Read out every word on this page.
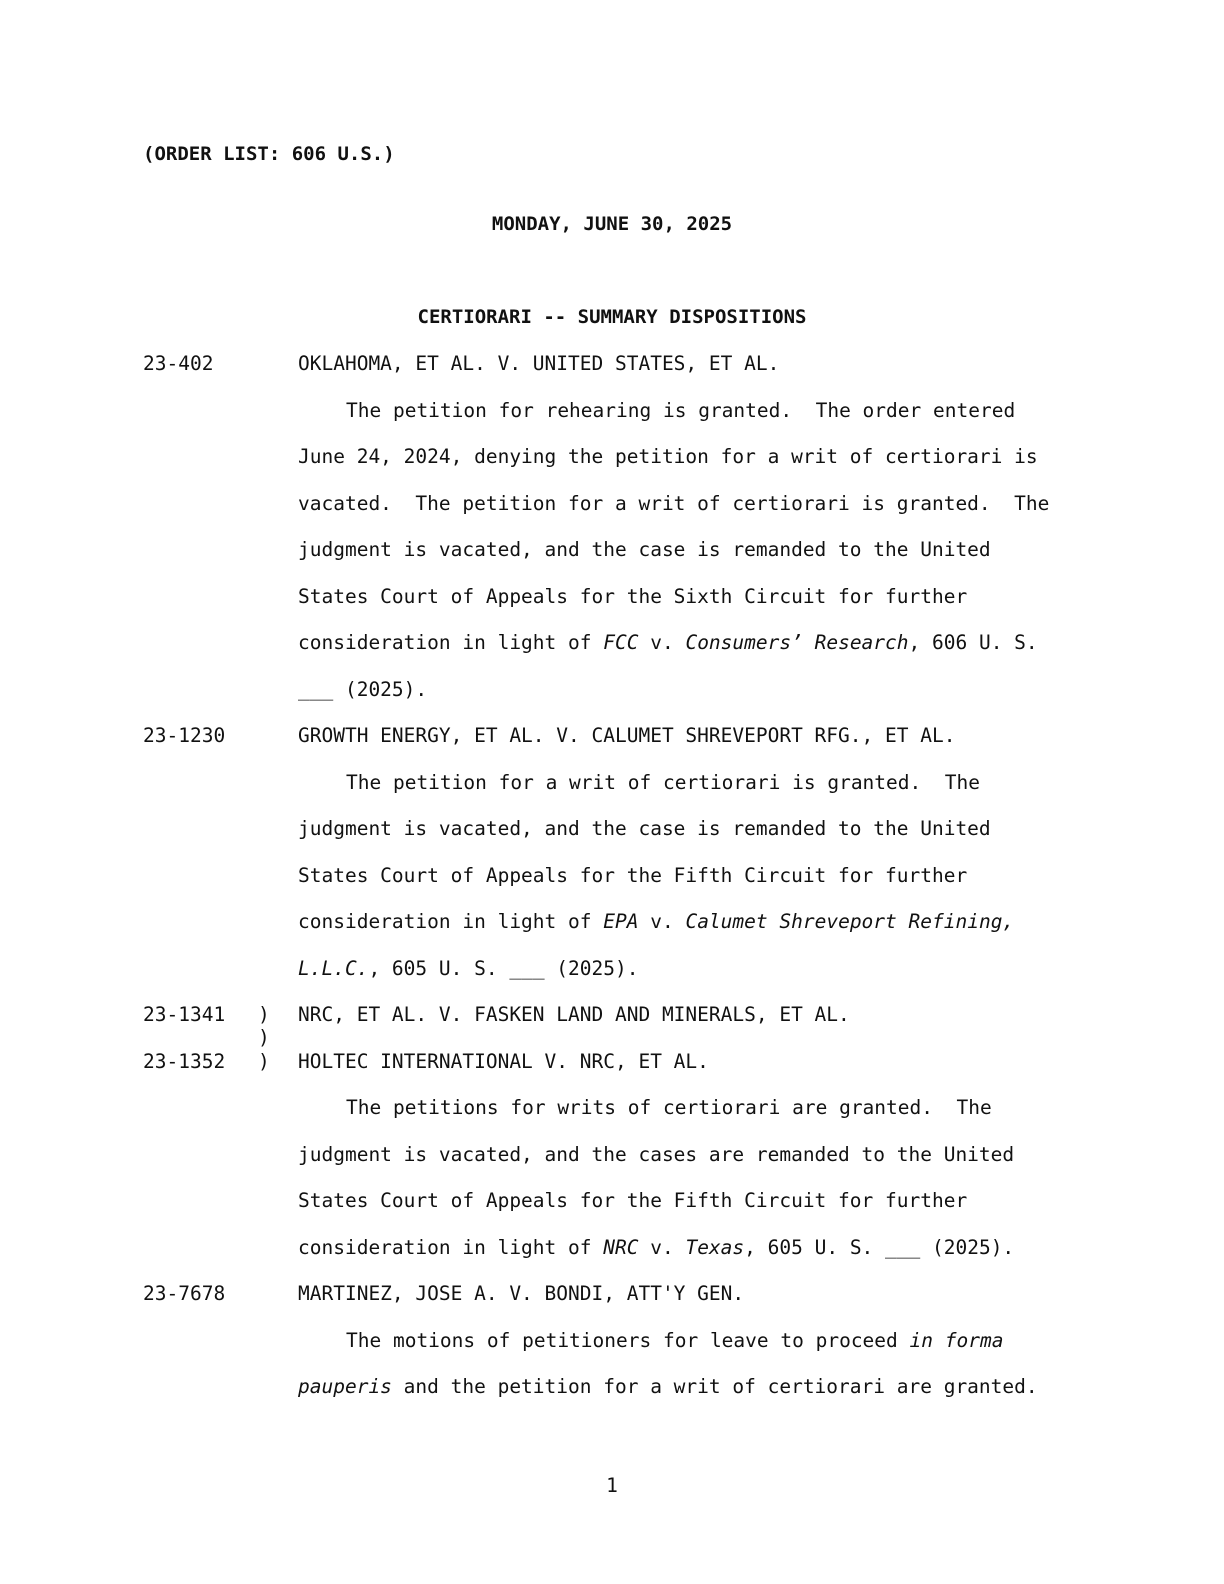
(ORDER LIST: 606 U.S.)
MONDAY, JUNE 30, 2025
CERTIORARI -- SUMMARY DISPOSITIONS
23-402	OKLAHOMA, ET AL. V. UNITED STATES, ET AL.
The petition for rehearing is granted.  The order entered
June 24, 2024, denying the petition for a writ of certiorari is
vacated.  The petition for a writ of certiorari is granted.  The
judgment is vacated, and the case is remanded to the United
States Court of Appeals for the Sixth Circuit for further
consideration in light of FCC v. Consumers’ Research, 606 U. S.
___ (2025).
23-1230	GROWTH ENERGY, ET AL. V. CALUMET SHREVEPORT RFG., ET AL.
The petition for a writ of certiorari is granted.  The
judgment is vacated, and the case is remanded to the United
States Court of Appeals for the Fifth Circuit for further
consideration in light of EPA v. Calumet Shreveport Refining,
L.L.C., 605 U. S. ___ (2025).
23-1341 ) NRC, ET AL. V. FASKEN LAND AND MINERALS, ET AL.
)
23-1352 ) HOLTEC INTERNATIONAL V. NRC, ET AL.
The petitions for writs of certiorari are granted.  The
judgment is vacated, and the cases are remanded to the United
States Court of Appeals for the Fifth Circuit for further
consideration in light of NRC v. Texas, 605 U. S. ___ (2025).
23-7678	MARTINEZ, JOSE A. V. BONDI, ATT'Y GEN.
The motions of petitioners for leave to proceed in forma
pauperis and the petition for a writ of certiorari are granted.
1
